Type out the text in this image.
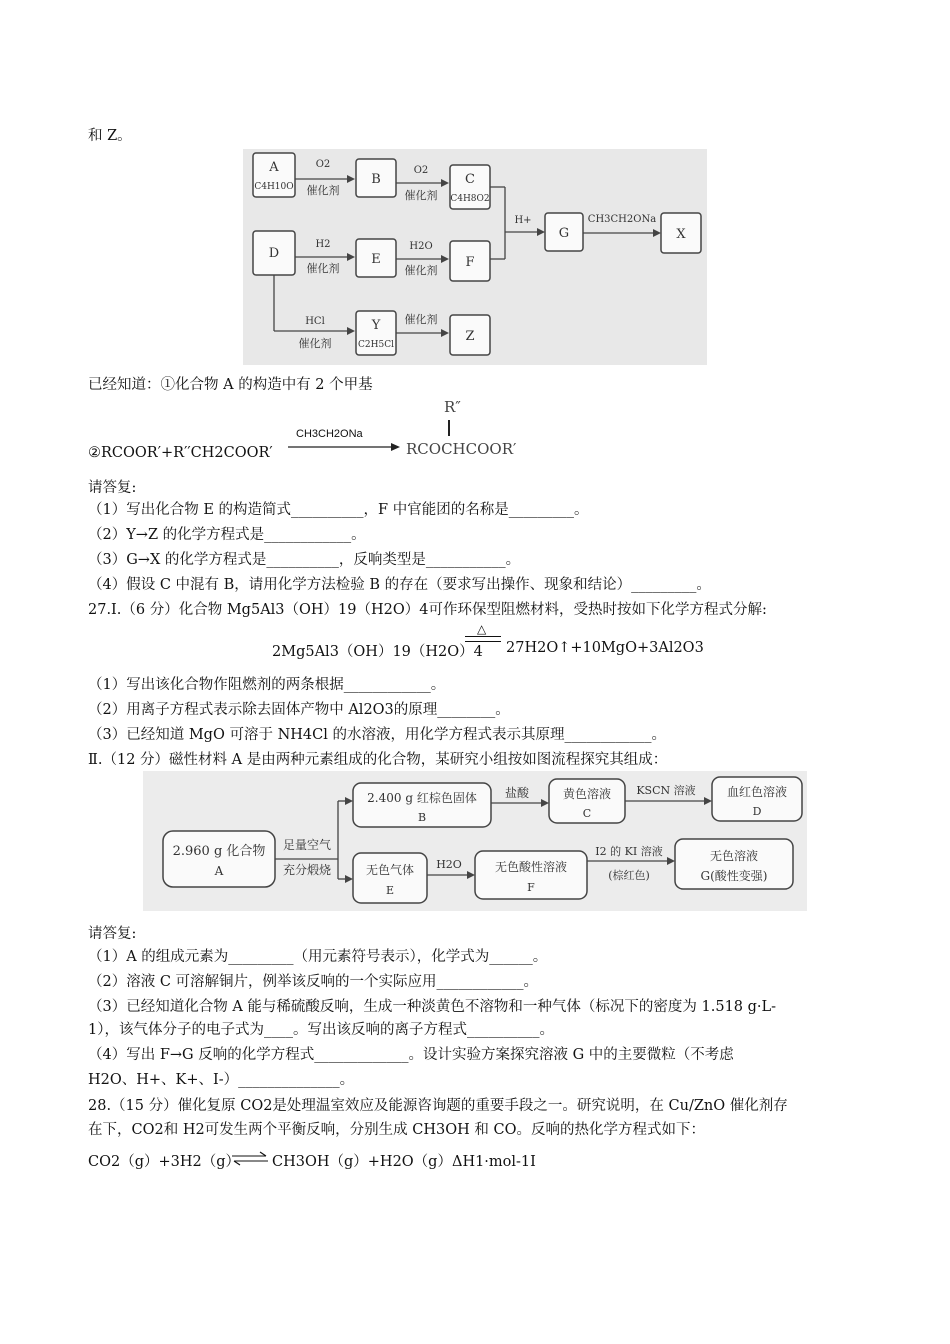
和 Z。
A
C4H10O	B	C
C4H8O2
D	E	F
G	X
Y
C2H5Cl
Z
O2
催化剂
O2
催化剂
H2
催化剂
H2O
催化剂
H+	CH3CH2ONa
HCl
催化剂
催化剂
已经知道：①化合物 A 的构造中有 2 个甲基
②RCOOR′+R′′CH2COOR′
CH3CH2ONa
R″
RCOCHCOOR′
请答复:
（1）写出化合物 E 的构造简式__________，F 中官能团的名称是_________。
（2）Y→Z 的化学方程式是____________。
（3）G→X 的化学方程式是__________，反响类型是___________。
（4）假设 C 中混有 B，请用化学方法检验 B 的存在（要求写出操作、现象和结论）_________。
27.Ⅰ.（6 分）化合物 Mg5Al3（OH）19（H2O）4可作环保型阻燃材料，受热时按如下化学方程式分解:
2Mg5Al3（OH）19（H2O）4
△
27H2O↑+10MgO+3Al2O3
（1）写出该化合物作阻燃剂的两条根据____________。
（2）用离子方程式表示除去固体产物中 Al2O3的原理________。
（3）已经知道 MgO 可溶于 NH4Cl 的水溶液，用化学方程式表示其原理____________。
Ⅱ.（12 分）磁性材料 A 是由两种元素组成的化合物，某研究小组按如图流程探究其组成：
2.960 g 化合物
A
足量空气
充分煅烧
2.400 g 红棕色固体
B
盐酸	黄色溶液
C
KSCN 溶液	血红色溶液
D
无色气体
E
H2O	无色酸性溶液
F
I2 的 KI 溶液
(棕红色)
无色溶液
G(酸性变强)
请答复:
（1）A 的组成元素为_________（用元素符号表示），化学式为______。
（2）溶液 C 可溶解铜片，例举该反响的一个实际应用____________。
（3）已经知道化合物 A 能与稀硫酸反响，生成一种淡黄色不溶物和一种气体（标况下的密度为 1.518 g·L-
1），该气体分子的电子式为____。写出该反响的离子方程式__________。
（4）写出 F→G 反响的化学方程式_____________。设计实验方案探究溶液 G 中的主要微粒（不考虑
H2O、H+、K+、I-）______________。
28.（15 分）催化复原 CO2是处理温室效应及能源咨询题的重要手段之一。研究说明，在 Cu/ZnO 催化剂存
在下，CO2和 H2可发生两个平衡反响，分别生成 CH3OH 和 CO。反响的热化学方程式如下：
CO2（g）+3H2（g） ⇌ CH3OH（g）+H2O（g）ΔH1·mol-1I
